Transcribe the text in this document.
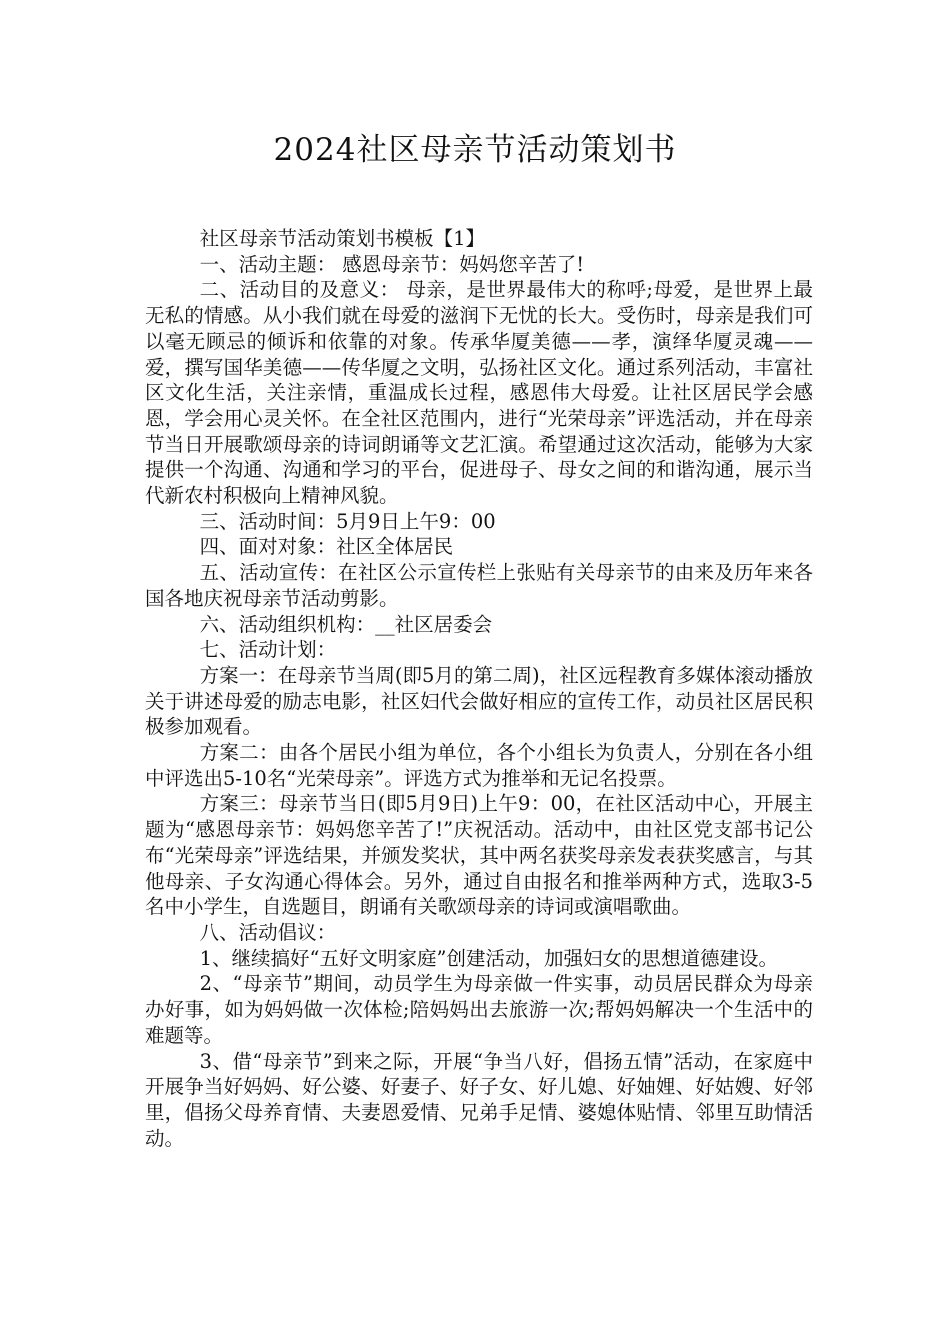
2024社区母亲节活动策划书

社区母亲节活动策划书模板【1】

一、活动主题： 感恩母亲节：妈妈您辛苦了!

二、活动目的及意义： 母亲，是世界最伟大的称呼;母爱，是世界上最无私的情感。从小我们就在母爱的滋润下无忧的长大。受伤时，母亲是我们可以毫无顾忌的倾诉和依靠的对象。传承华厦美德——孝，演绎华厦灵魂——爱，撰写国华美德——传华厦之文明，弘扬社区文化。通过系列活动，丰富社区文化生活，关注亲情，重温成长过程，感恩伟大母爱。让社区居民学会感恩，学会用心灵关怀。在全社区范围内，进行“光荣母亲”评选活动，并在母亲节当日开展歌颂母亲的诗词朗诵等文艺汇演。希望通过这次活动，能够为大家提供一个沟通、沟通和学习的平台，促进母子、母女之间的和谐沟通，展示当代新农村积极向上精神风貌。

三、活动时间：5月9日上午9：00

四、面对对象：社区全体居民

五、活动宣传：在社区公示宣传栏上张贴有关母亲节的由来及历年来各国各地庆祝母亲节活动剪影。

六、活动组织机构：__社区居委会

七、活动计划：

方案一：在母亲节当周(即5月的第二周)，社区远程教育多媒体滚动播放关于讲述母爱的励志电影，社区妇代会做好相应的宣传工作，动员社区居民积极参加观看。

方案二：由各个居民小组为单位，各个小组长为负责人，分别在各小组中评选出5-10名“光荣母亲”。评选方式为推举和无记名投票。

方案三：母亲节当日(即5月9日)上午9：00，在社区活动中心，开展主题为“感恩母亲节：妈妈您辛苦了!”庆祝活动。活动中，由社区党支部书记公布“光荣母亲”评选结果，并颁发奖状，其中两名获奖母亲发表获奖感言，与其他母亲、子女沟通心得体会。另外，通过自由报名和推举两种方式，选取3-5名中小学生，自选题目，朗诵有关歌颂母亲的诗词或演唱歌曲。

八、活动倡议：

1、继续搞好“五好文明家庭”创建活动，加强妇女的思想道德建设。

2、“母亲节”期间，动员学生为母亲做一件实事，动员居民群众为母亲办好事，如为妈妈做一次体检;陪妈妈出去旅游一次;帮妈妈解决一个生活中的难题等。

3、借“母亲节”到来之际，开展“争当八好，倡扬五情”活动，在家庭中开展争当好妈妈、好公婆、好妻子、好子女、好儿媳、好妯娌、好姑嫂、好邻里，倡扬父母养育情、夫妻恩爱情、兄弟手足情、婆媳体贴情、邻里互助情活动。
